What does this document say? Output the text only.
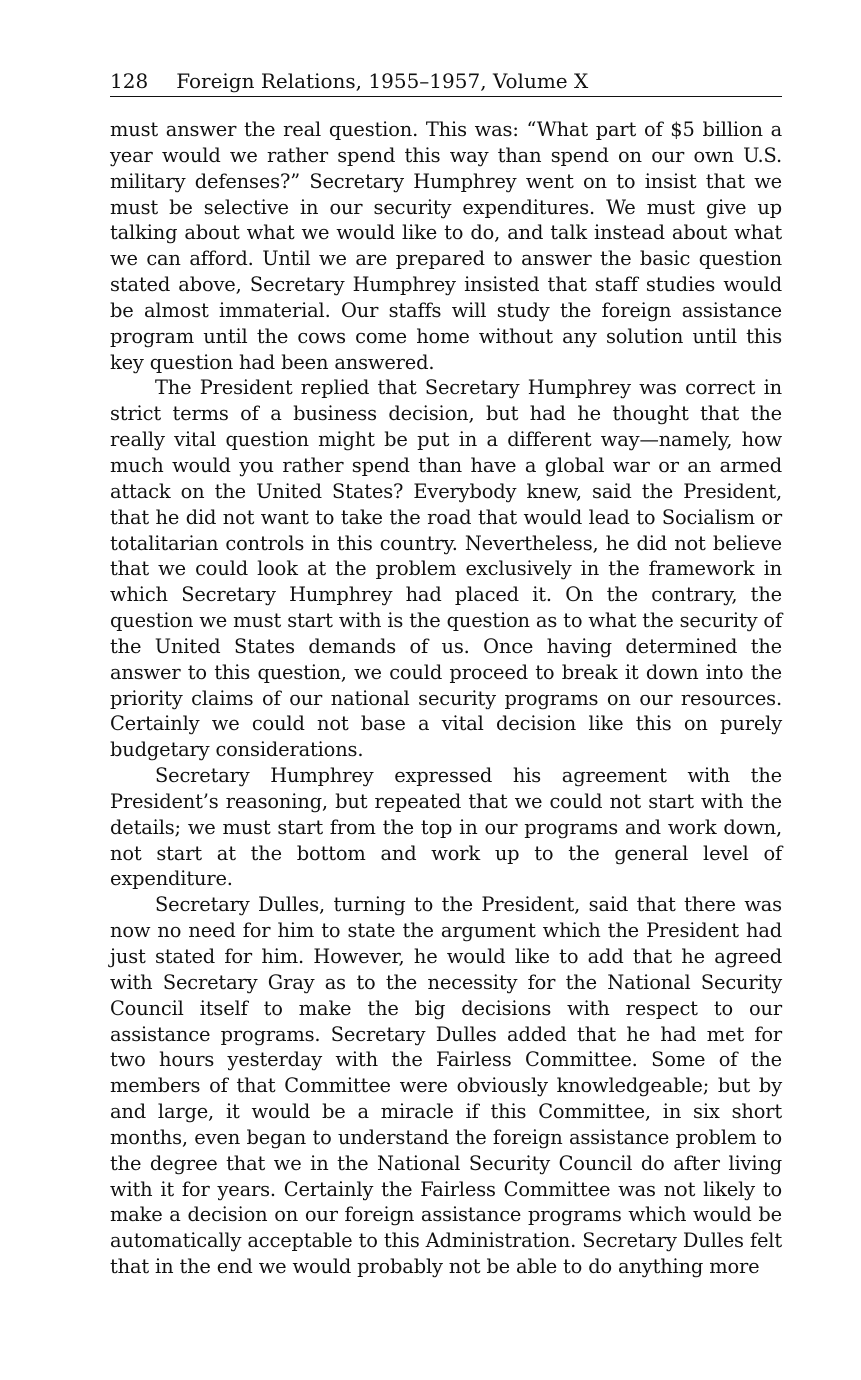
128 Foreign Relations, 1955–1957, Volume X

must answer the real question. This was: “What part of $5 billion a year would we rather spend this way than spend on our own U.S. military defenses?” Secretary Humphrey went on to insist that we must be selective in our security expenditures. We must give up talking about what we would like to do, and talk instead about what we can afford. Until we are prepared to answer the basic question stated above, Secretary Humphrey insisted that staff studies would be almost immaterial. Our staffs will study the foreign assistance program until the cows come home without any solution until this key question had been answered.

The President replied that Secretary Humphrey was correct in strict terms of a business decision, but had he thought that the really vital question might be put in a different way—namely, how much would you rather spend than have a global war or an armed attack on the United States? Everybody knew, said the President, that he did not want to take the road that would lead to Socialism or totalitarian controls in this country. Nevertheless, he did not believe that we could look at the problem exclusively in the framework in which Secretary Humphrey had placed it. On the contrary, the question we must start with is the question as to what the security of the United States demands of us. Once having determined the answer to this question, we could proceed to break it down into the priority claims of our national security programs on our resources. Certainly we could not base a vital decision like this on purely budgetary considerations.

Secretary Humphrey expressed his agreement with the President’s reasoning, but repeated that we could not start with the details; we must start from the top in our programs and work down, not start at the bottom and work up to the general level of expenditure.

Secretary Dulles, turning to the President, said that there was now no need for him to state the argument which the President had just stated for him. However, he would like to add that he agreed with Secretary Gray as to the necessity for the National Security Council itself to make the big decisions with respect to our assistance programs. Secretary Dulles added that he had met for two hours yesterday with the Fairless Committee. Some of the members of that Committee were obviously knowledgeable; but by and large, it would be a miracle if this Committee, in six short months, even began to understand the foreign assistance problem to the degree that we in the National Security Council do after living with it for years. Certainly the Fairless Committee was not likely to make a decision on our foreign assistance programs which would be automatically acceptable to this Administration. Secretary Dulles felt that in the end we would probably not be able to do anything more
